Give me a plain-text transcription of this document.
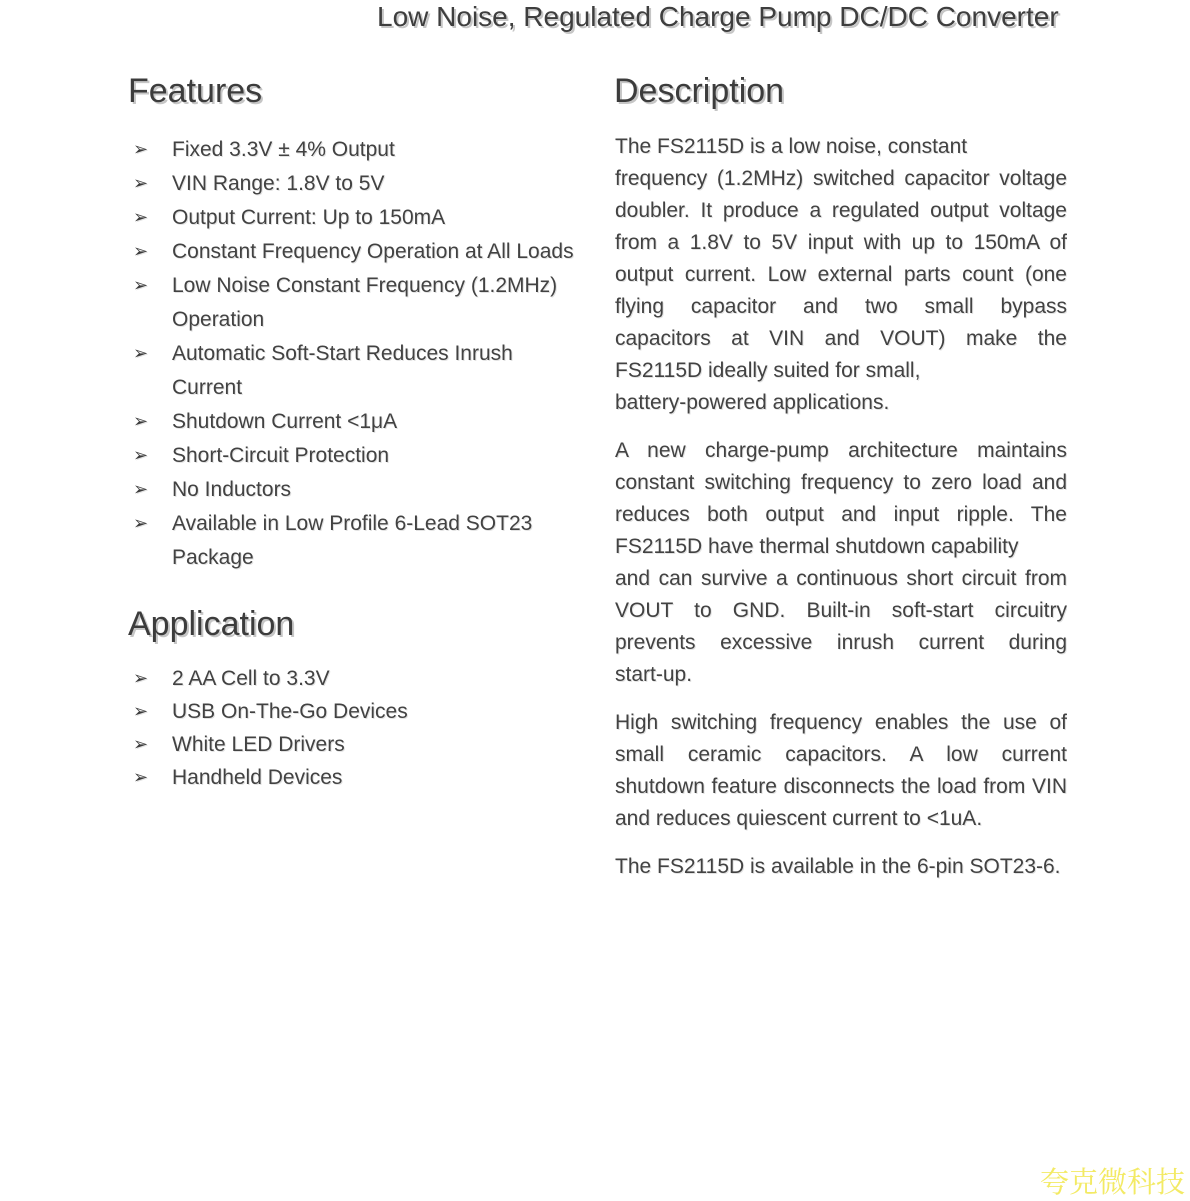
Low Noise, Regulated Charge Pump DC/DC Converter
Features
➢	Fixed 3.3V ± 4% Output
➢	VIN Range: 1.8V to 5V
➢	Output Current: Up to 150mA
➢	Constant Frequency Operation at All Loads
➢	Low Noise Constant Frequency (1.2MHz) Operation
➢	Automatic Soft-Start Reduces Inrush Current
➢	Shutdown Current <1μA
➢	Short-Circuit Protection
➢	No Inductors
➢	Available in Low Profile 6-Lead SOT23 Package
Application
➢	2 AA Cell to 3.3V
➢	USB On-The-Go Devices
➢	White LED Drivers
➢	Handheld Devices
Description
The FS2115D is a low noise, constant
frequency (1.2MHz) switched capacitor voltage
doubler. It produce a regulated output voltage
from a 1.8V to 5V input with up to 150mA of
output current. Low external parts count (one
flying capacitor and two small bypass
capacitors at VIN and VOUT) make the
FS2115D ideally suited for small,
battery-powered applications.
A new charge-pump architecture maintains
constant switching frequency to zero load and
reduces both output and input ripple. The
FS2115D have thermal shutdown capability
and can survive a continuous short circuit from
VOUT to GND. Built-in soft-start circuitry
prevents excessive inrush current during
start-up.
High switching frequency enables the use of
small ceramic capacitors. A low current
shutdown feature disconnects the load from VIN
and reduces quiescent current to <1uA.
The FS2115D is available in the 6-pin SOT23-6.
夸克微科技
